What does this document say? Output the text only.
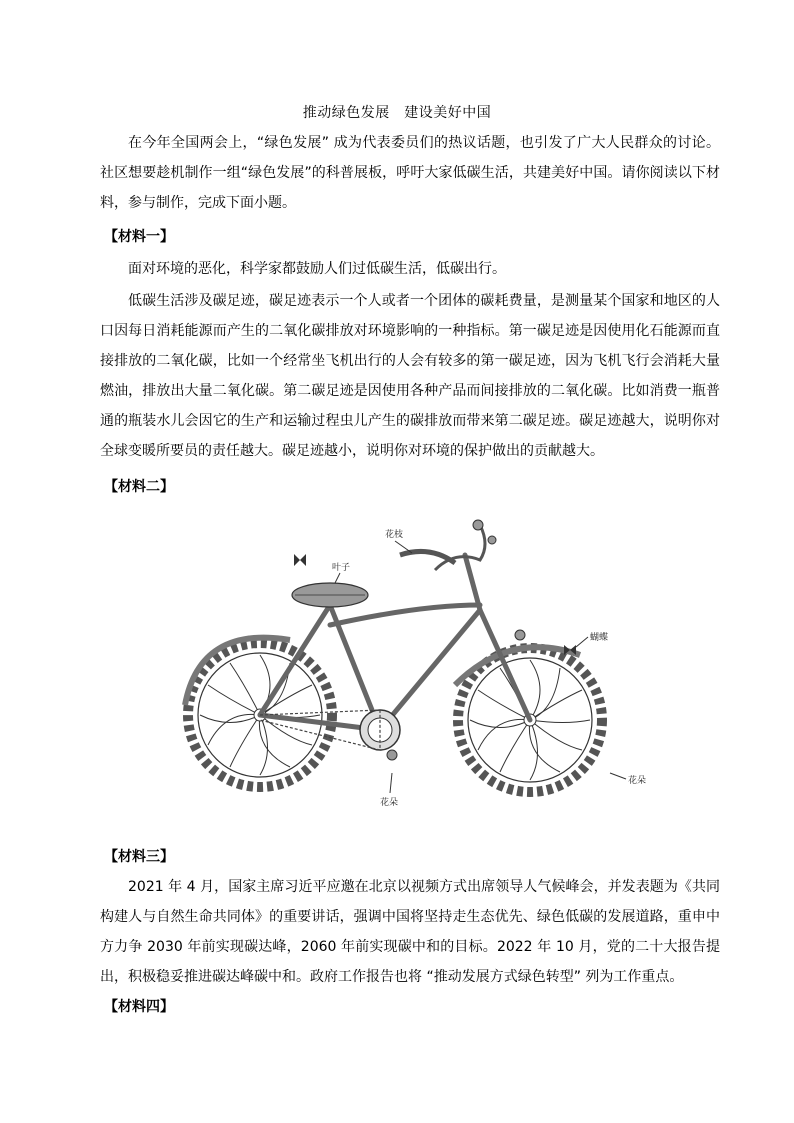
推动绿色发展　建设美好中国

在今年全国两会上，“绿色发展” 成为代表委员们的热议话题，也引发了广大人民群众的讨论。社区想要趁机制作一组“绿色发展”的科普展板，呼吁大家低碳生活，共建美好中国。请你阅读以下材料，参与制作，完成下面小题。

【材料一】

面对环境的恶化，科学家都鼓励人们过低碳生活，低碳出行。

低碳生活涉及碳足迹，碳足迹表示一个人或者一个团体的碳耗费量，是测量某个国家和地区的人口因每日消耗能源而产生的二氧化碳排放对环境影响的一种指标。第一碳足迹是因使用化石能源而直接排放的二氧化碳，比如一个经常坐飞机出行的人会有较多的第一碳足迹，因为飞机飞行会消耗大量燃油，排放出大量二氧化碳。第二碳足迹是因使用各种产品而间接排放的二氧化碳。比如消费一瓶普通的瓶装水儿会因它的生产和运输过程虫儿产生的碳排放而带来第二碳足迹。碳足迹越大，说明你对全球变暖所要员的责任越大。碳足迹越小，说明你对环境的保护做出的贡献越大。

【材料二】
花枝
叶子
蝴蝶
花朵
花朵
【材料三】

2021 年 4 月，国家主席习近平应邀在北京以视频方式出席领导人气候峰会，并发表题为《共同构建人与自然生命共同体》的重要讲话，强调中国将坚持走生态优先、绿色低碳的发展道路，重申中方力争 2030 年前实现碳达峰，2060 年前实现碳中和的目标。2022 年 10 月，党的二十大报告提出，积极稳妥推进碳达峰碳中和。政府工作报告也将 “推动发展方式绿色转型” 列为工作重点。

【材料四】
